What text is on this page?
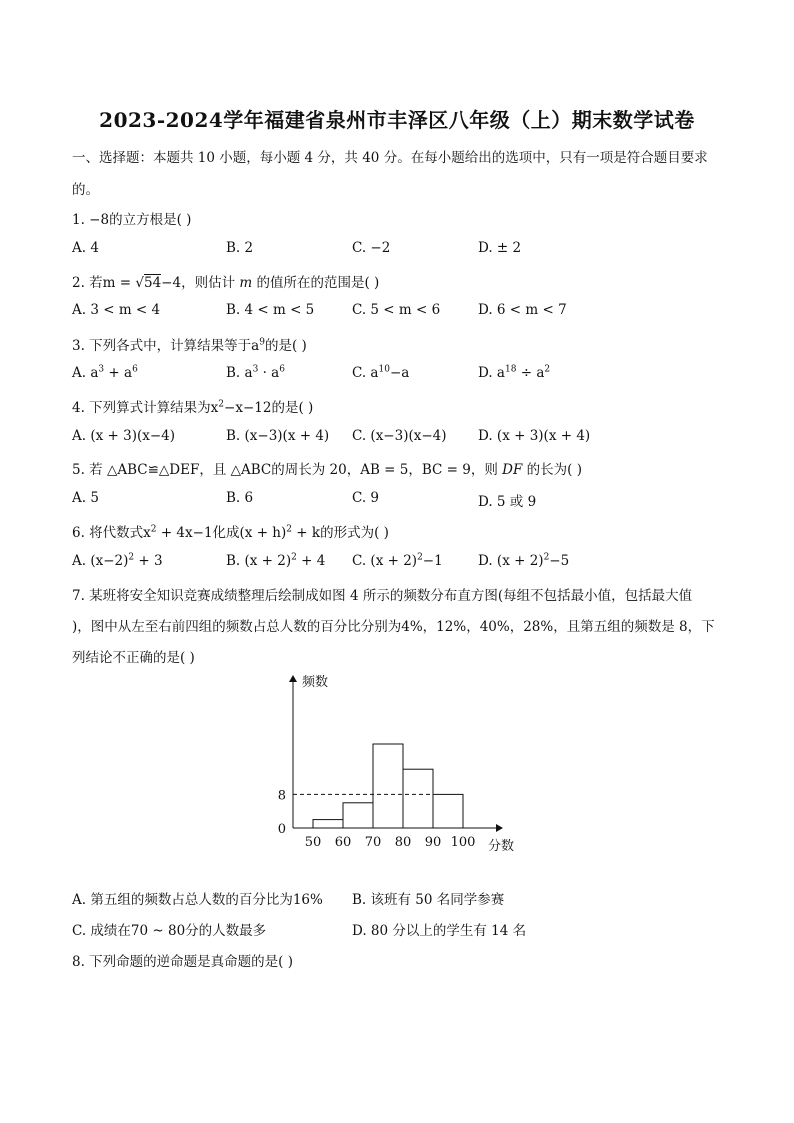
2023-2024学年福建省泉州市丰泽区八年级（上）期末数学试卷
一、选择题：本题共 10 小题，每小题 4 分，共 40 分。在每小题给出的选项中，只有一项是符合题目要求
的。
1. −8的立方根是( )
A. 4	B. 2	C. −2	D. ± 2
2. 若m = √54−4，则估计 m 的值所在的范围是( )
A. 3 < m < 4	B. 4 < m < 5	C. 5 < m < 6	D. 6 < m < 7
3. 下列各式中，计算结果等于$a^9$的是( )
A. $a^3 + a^6$	B. $a^3 \cdot a^6$	C. $a^{10}-a$	D. $a^{18} \div a^2$
4. 下列算式计算结果为$x^2-x-12$的是( )
A. (x + 3)(x−4)	B. (x−3)(x + 4) C. (x−3)(x−4) D. (x + 3)(x + 4)
5. 若 △ABC≌△DEF，且 △ABC的周长为 20，AB = 5，BC = 9，则 DF 的长为( )
A. 5	B. 6	C. 9	D. 5 或 9
6. 将代数式$x^2 + 4x-1$化成$(x + h)^2 + k$的形式为( )
A. $(x-2)^2 + 3$	B. $(x + 2)^2 + 4$ C. $(x + 2)^2-1$	D. $(x + 2)^2-5$
7. 某班将安全知识竞赛成绩整理后绘制成如图 4 所示的频数分布直方图(每组不包括最小值，包括最大值
)，图中从左至右前四组的频数占总人数的百分比分别为4%，12%，40%，28%，且第五组的频数是 8，下
列结论不正确的是( )
频数
分数
0
8
50 60 70 80 90 100
A. 第五组的频数占总人数的百分比为16% B. 该班有 50 名同学参赛
C. 成绩在70 ~ 80分的人数最多	D. 80 分以上的学生有 14 名
8. 下列命题的逆命题是真命题的是( )
